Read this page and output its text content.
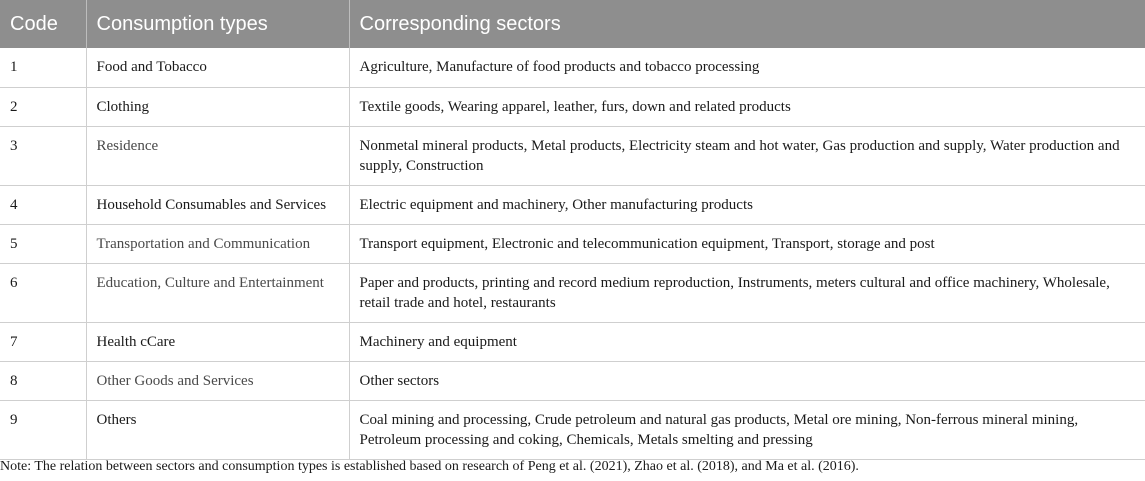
Code	Consumption types	Corresponding sectors
1	Food and Tobacco	Agriculture, Manufacture of food products and tobacco processing
2	Clothing	Textile goods, Wearing apparel, leather, furs, down and related products
3	Residence	Nonmetal mineral products, Metal products, Electricity steam and hot water, Gas production and supply, Water production and supply, Construction
4	Household Consumables and Services	Electric equipment and machinery, Other manufacturing products
5	Transportation and Communication	Transport equipment, Electronic and telecommunication equipment, Transport, storage and post
6	Education, Culture and Entertainment	Paper and products, printing and record medium reproduction, Instruments, meters cultural and office machinery, Wholesale, retail trade and hotel, restaurants
7	Health cCare	Machinery and equipment
8	Other Goods and Services	Other sectors
9	Others	Coal mining and processing, Crude petroleum and natural gas products, Metal ore mining, Non-ferrous mineral mining, Petroleum processing and coking, Chemicals, Metals smelting and pressing
Note: The relation between sectors and consumption types is established based on research of Peng et al. (2021), Zhao et al. (2018), and Ma et al. (2016).
